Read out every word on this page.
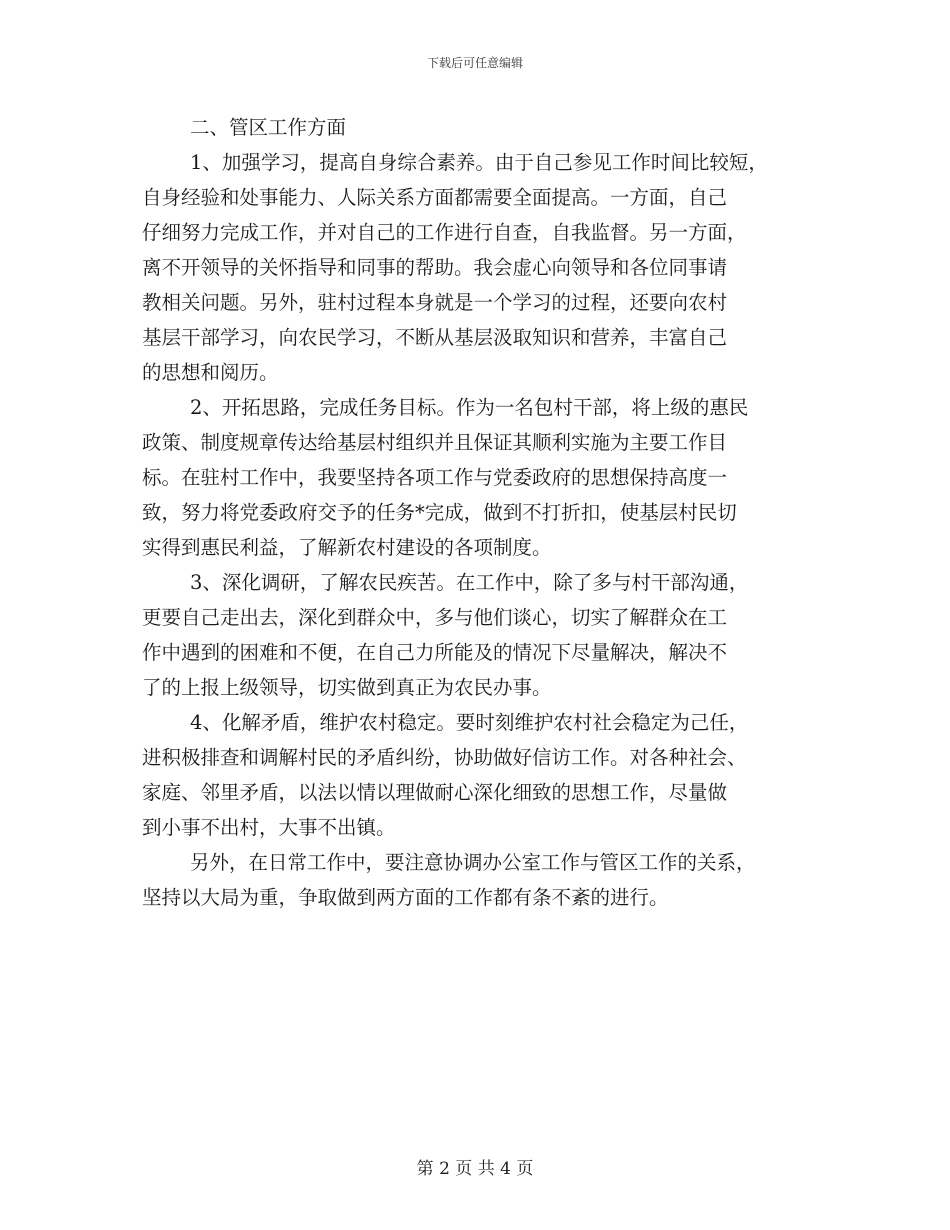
下载后可任意编辑
二、管区工作方面
1、加强学习，提高自身综合素养。由于自己参见工作时间比较短，
自身经验和处事能力、人际关系方面都需要全面提高。一方面，自己
仔细努力完成工作，并对自己的工作进行自查，自我监督。另一方面，
离不开领导的关怀指导和同事的帮助。我会虚心向领导和各位同事请
教相关问题。另外，驻村过程本身就是一个学习的过程，还要向农村
基层干部学习，向农民学习，不断从基层汲取知识和营养，丰富自己
的思想和阅历。
2、开拓思路，完成任务目标。作为一名包村干部，将上级的惠民
政策、制度规章传达给基层村组织并且保证其顺利实施为主要工作目
标。在驻村工作中，我要坚持各项工作与党委政府的思想保持高度一
致，努力将党委政府交予的任务*完成，做到不打折扣，使基层村民切
实得到惠民利益，了解新农村建设的各项制度。
3、深化调研，了解农民疾苦。在工作中，除了多与村干部沟通，
更要自己走出去，深化到群众中，多与他们谈心，切实了解群众在工
作中遇到的困难和不便，在自己力所能及的情况下尽量解决，解决不
了的上报上级领导，切实做到真正为农民办事。
4、化解矛盾，维护农村稳定。要时刻维护农村社会稳定为己任，
进积极排查和调解村民的矛盾纠纷，协助做好信访工作。对各种社会、
家庭、邻里矛盾，以法以情以理做耐心深化细致的思想工作，尽量做
到小事不出村，大事不出镇。
另外，在日常工作中，要注意协调办公室工作与管区工作的关系，
坚持以大局为重，争取做到两方面的工作都有条不紊的进行。
第 2 页 共 4 页
